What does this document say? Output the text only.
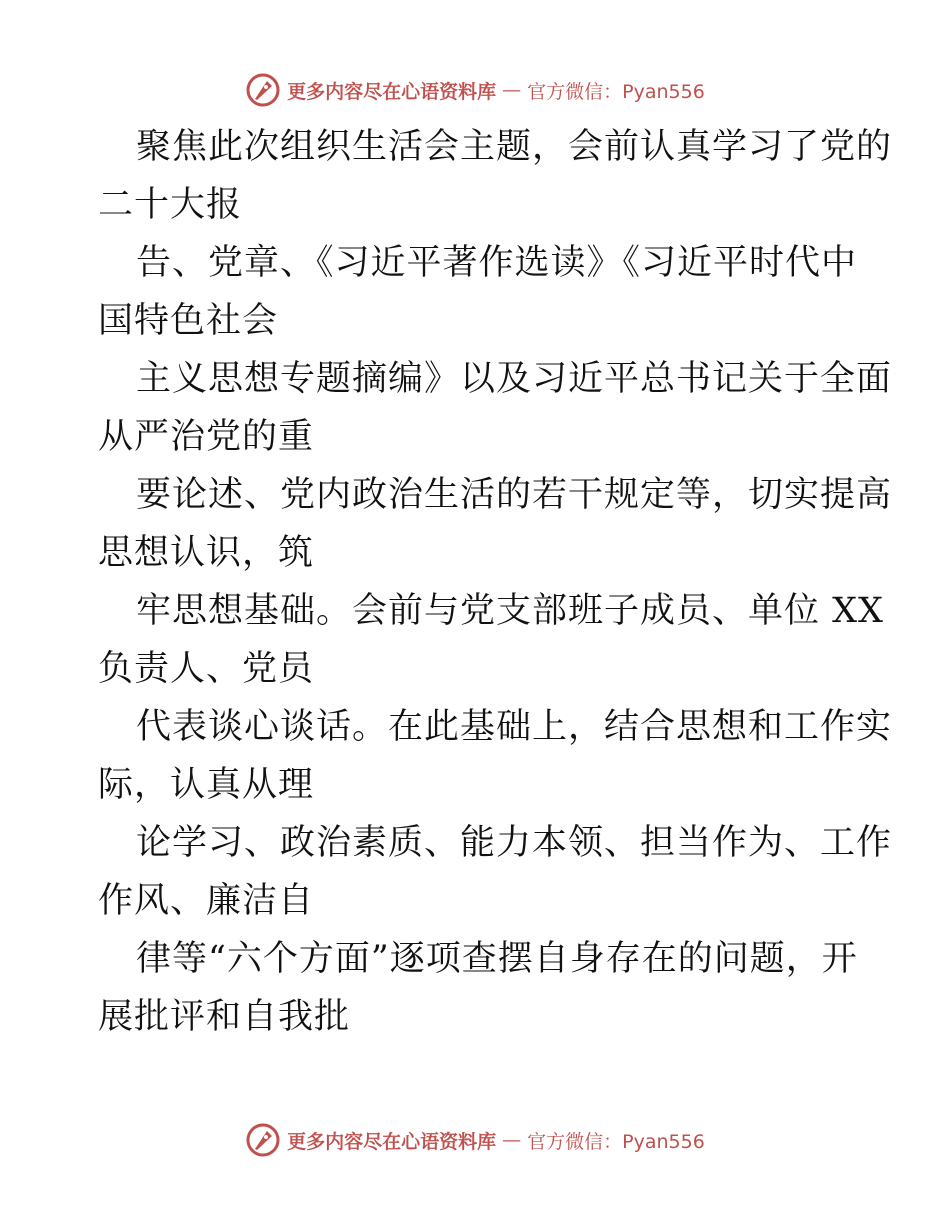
更多内容尽在心语资料库 — 官方微信：Pyan556
聚焦此次组织生活会主题，会前认真学习了党的
二十大报
告、党章、《习近平著作选读》《习近平时代中
国特色社会
主义思想专题摘编》以及习近平总书记关于全面
从严治党的重
要论述、党内政治生活的若干规定等，切实提高
思想认识，筑
牢思想基础。会前与党支部班子成员、单位 XX
负责人、党员
代表谈心谈话。在此基础上，结合思想和工作实
际，认真从理
论学习、政治素质、能力本领、担当作为、工作
作风、廉洁自
律等“六个方面”逐项查摆自身存在的问题，开
展批评和自我批
更多内容尽在心语资料库 — 官方微信：Pyan556
